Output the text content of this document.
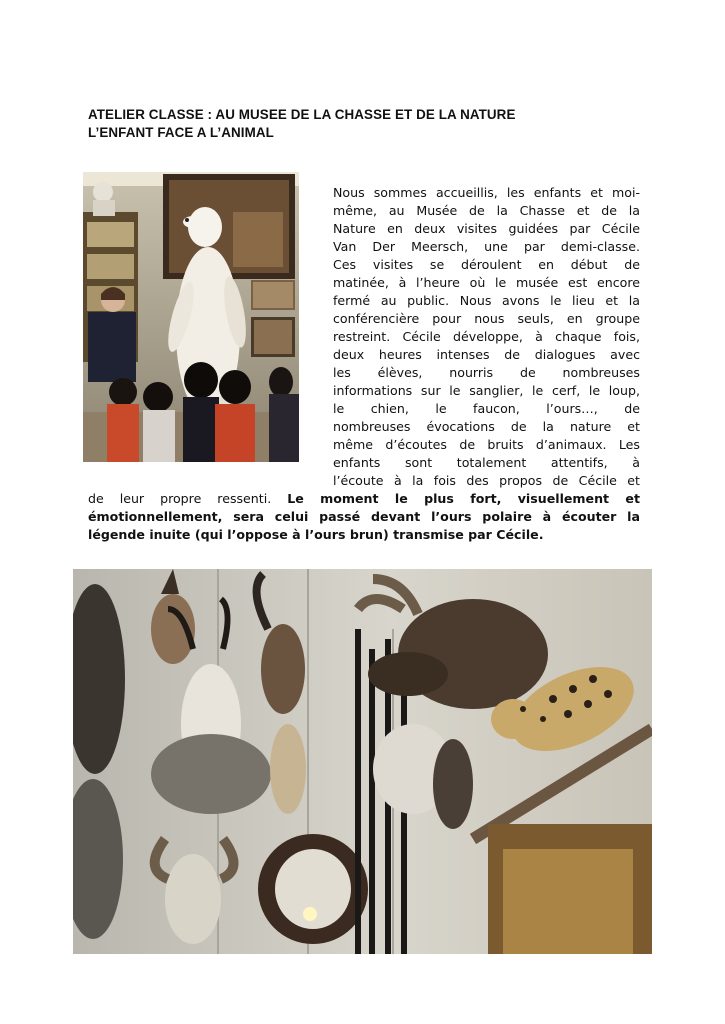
ATELIER CLASSE : AU MUSEE DE LA CHASSE ET DE LA NATURE
L’ENFANT FACE A L’ANIMAL
Nous sommes accueillis, les enfants et moi-
même, au Musée de la Chasse et de la
Nature en deux visites guidées par Cécile
Van Der Meersch, une par demi-classe.
Ces visites se déroulent en début de
matinée, à l’heure où le musée est encore
fermé au public. Nous avons le lieu et la
conférencière pour nous seuls, en groupe
restreint. Cécile développe, à chaque fois,
deux heures intenses de dialogues avec
les élèves, nourris de nombreuses
informations sur le sanglier, le cerf, le loup,
le chien, le faucon, l’ours…, de
nombreuses évocations de la nature et
même d’écoutes de bruits d’animaux. Les
enfants sont totalement attentifs, à
l’écoute à la fois des propos de Cécile et
de leur propre ressenti. Le moment le plus fort, visuellement et
émotionnellement, sera celui passé devant l’ours polaire à écouter la
légende inuite (qui l’oppose à l’ours brun) transmise par Cécile.
